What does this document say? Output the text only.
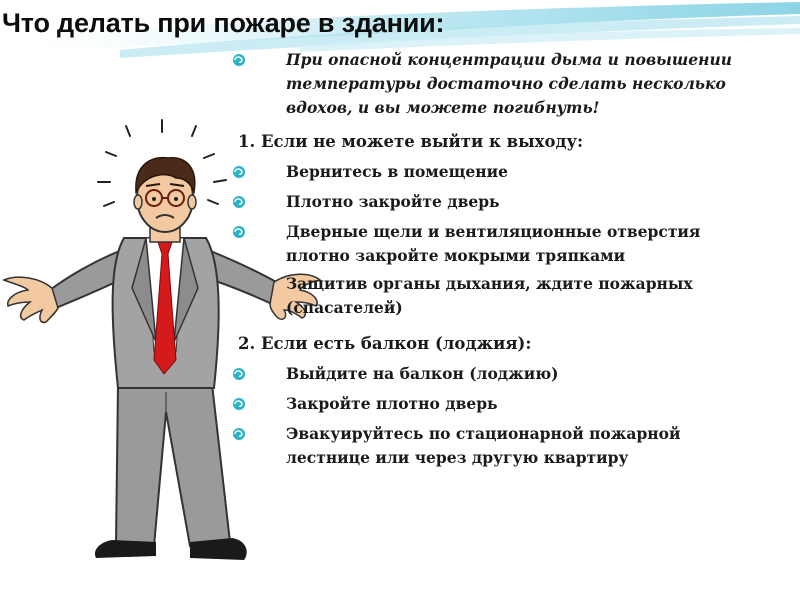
Что делать при пожаре в здании:
При опасной концентрации дыма и повышении температуры достаточно сделать несколько вдохов, и вы можете погибнуть!
1. Если не можете выйти к выходу:
Вернитесь в помещение
Плотно закройте дверь
Дверные щели и вентиляционные отверстия плотно закройте мокрыми тряпками
Защитив органы дыхания, ждите пожарных (спасателей)
2. Если есть балкон (лоджия):
Выйдите на балкон (лоджию)
Закройте плотно дверь
Эвакуируйтесь по стационарной пожарной лестнице или через другую квартиру
